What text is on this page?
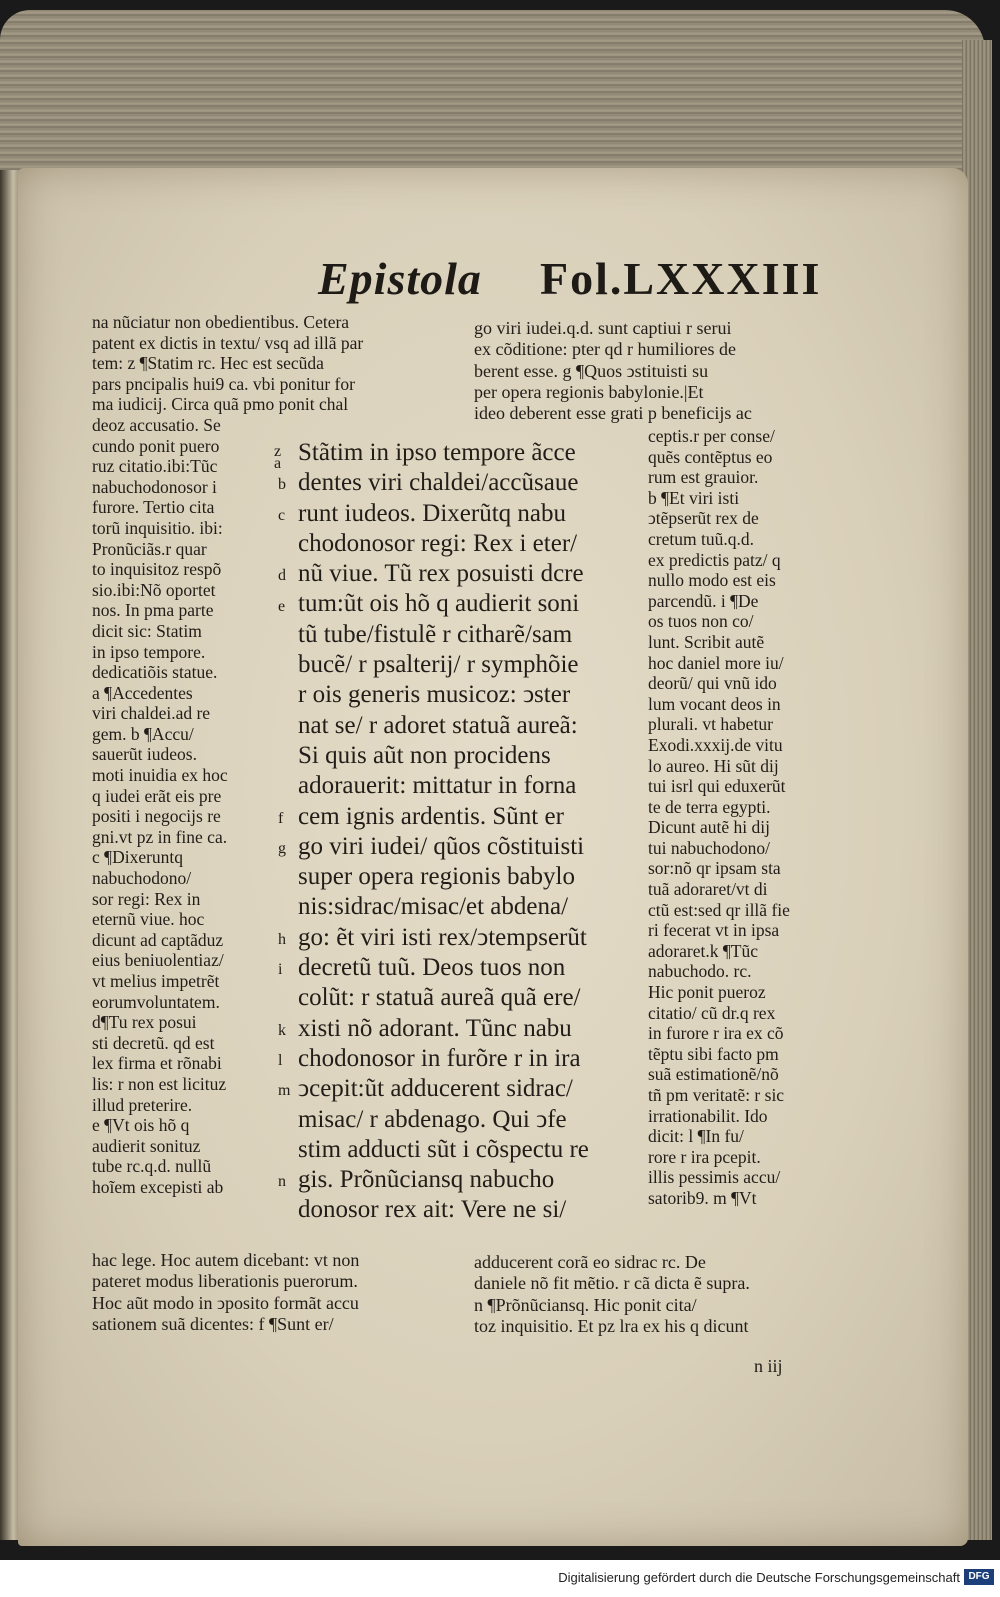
Epistola Fol.LXXXIII
na nũciatur non obedientibus. Cetera
patent ex dictis in textu/ vsq ad illã par
tem: z ¶Statim rc. Hec est secũda
pars pncipalis hui9 ca. vbi ponitur for
ma iudicij. Circa quã pmo ponit chal
deoz accusatio. Se
cundo ponit puero
ruz citatio.ibi:Tũc
nabuchodonosor i
furore. Tertio cita
torũ inquisitio. ibi:
Pronũciãs.r quar
to inquisitoz respõ
sio.ibi:Nõ oportet
nos. In pma parte
dicit sic: Statim
in ipso tempore.
dedicatiõis statue.
a ¶Accedentes
viri chaldei.ad re
gem. b ¶Accu/
sauerũt iudeos.
moti inuidia ex hoc
q iudei erãt eis pre
positi i negocijs re
gni.vt pz in fine ca.
c ¶Dixeruntq
nabuchodono/
sor regi: Rex in
eternũ viue. hoc
dicunt ad captãduz
eius beniuolentiaz/
vt melius impetrẽt
eorumvoluntatem.
d¶Tu rex posui
sti decretũ. qd est
lex firma et rõnabi
lis: r non est licituz
illud preterire.
e ¶Vt ois hõ q
audierit sonituz
tube rc.q.d. nullũ
hoĩem excepisti ab
go viri iudei.q.d. sunt captiui r serui
ex cõditione: pter qd r humiliores de
berent esse. g ¶Quos ↄstituisti su
per opera regionis babylonie.|Et
ideo deberent esse grati p beneficijs ac
ceptis.r per conse/
quẽs contẽptus eo
rum est grauior.
b ¶Et viri isti
ↄtẽpserũt rex de
cretum tuũ.q.d.
ex predictis patz/ q
nullo modo est eis
parcendũ. i ¶De
os tuos non co/
lunt. Scribit autẽ
hoc daniel more iu/
deorũ/ qui vnũ ido
lum vocant deos in
plurali. vt habetur
Exodi.xxxij.de vitu
lo aureo. Hi sũt dij
tui isrl qui eduxerũt
te de terra egypti.
Dicunt autẽ hi dij
tui nabuchodono/
sor:nõ qr ipsam sta
tuã adoraret/vt di
ctũ est:sed qr illã fie
ri fecerat vt in ipsa
adoraret.k ¶Tũc
nabuchodo. rc.
Hic ponit pueroz
citatio/ cũ dr.q rex
in furore r ira ex cõ
tẽptu sibi facto pm
suã estimationẽ/nõ
tñ pm veritatẽ: r sic
irrationabilit. Ido
dicit: l ¶In fu/
rore r ira pcepit.
illis pessimis accu/
satorib9. m ¶Vt
Stãtim in ipso tempore ãcce
dentes viri chaldei/accũsaue
runt iudeos. Dixerũtq nabu
chodonosor regi: Rex i eter/
nũ viue. Tũ rex posuisti dcre
tum:ũt ois hõ q audierit soni
tũ tube/fistulẽ r citharẽ/sam
bucẽ/ r psalterij/ r symphõie
r ois generis musicoz: ↄster
nat se/ r adoret statuã aureã:
Si quis aũt non procidens
adorauerit: mittatur in forna
cem ignis ardentis. Sũnt er
go viri iudei/ qũos cõstituisti
super opera regionis babylo
nis:sidrac/misac/et abdena/
go: ẽt viri isti rex/ↄtempserũt
decretũ tuũ. Deos tuos non
colũt: r statuã aureã quã ere/
xisti nõ adorant. Tũnc nabu
chodonosor in furõre r in ira
ↄcepit:ũt adducerent sidrac/
misac/ r abdenago. Qui ↄfe
stim adducti sũt i cõspectu re
gis. Prõnũciansq nabucho
donosor rex ait: Vere ne si/
z a
b
c
d
e
f
g
h
i
k
l
m
n
hac lege. Hoc autem dicebant: vt non
pateret modus liberationis puerorum.
Hoc aũt modo in ↄposito formãt accu
sationem suã dicentes: f ¶Sunt er/
adducerent corã eo sidrac rc. De
daniele nõ fit mẽtio. r cã dicta ẽ supra.
n ¶Prõnũciansq. Hic ponit cita/
toz inquisitio. Et pz lra ex his q dicunt
n iij
Digitalisierung gefördert durch die Deutsche Forschungsgemeinschaft DFG
